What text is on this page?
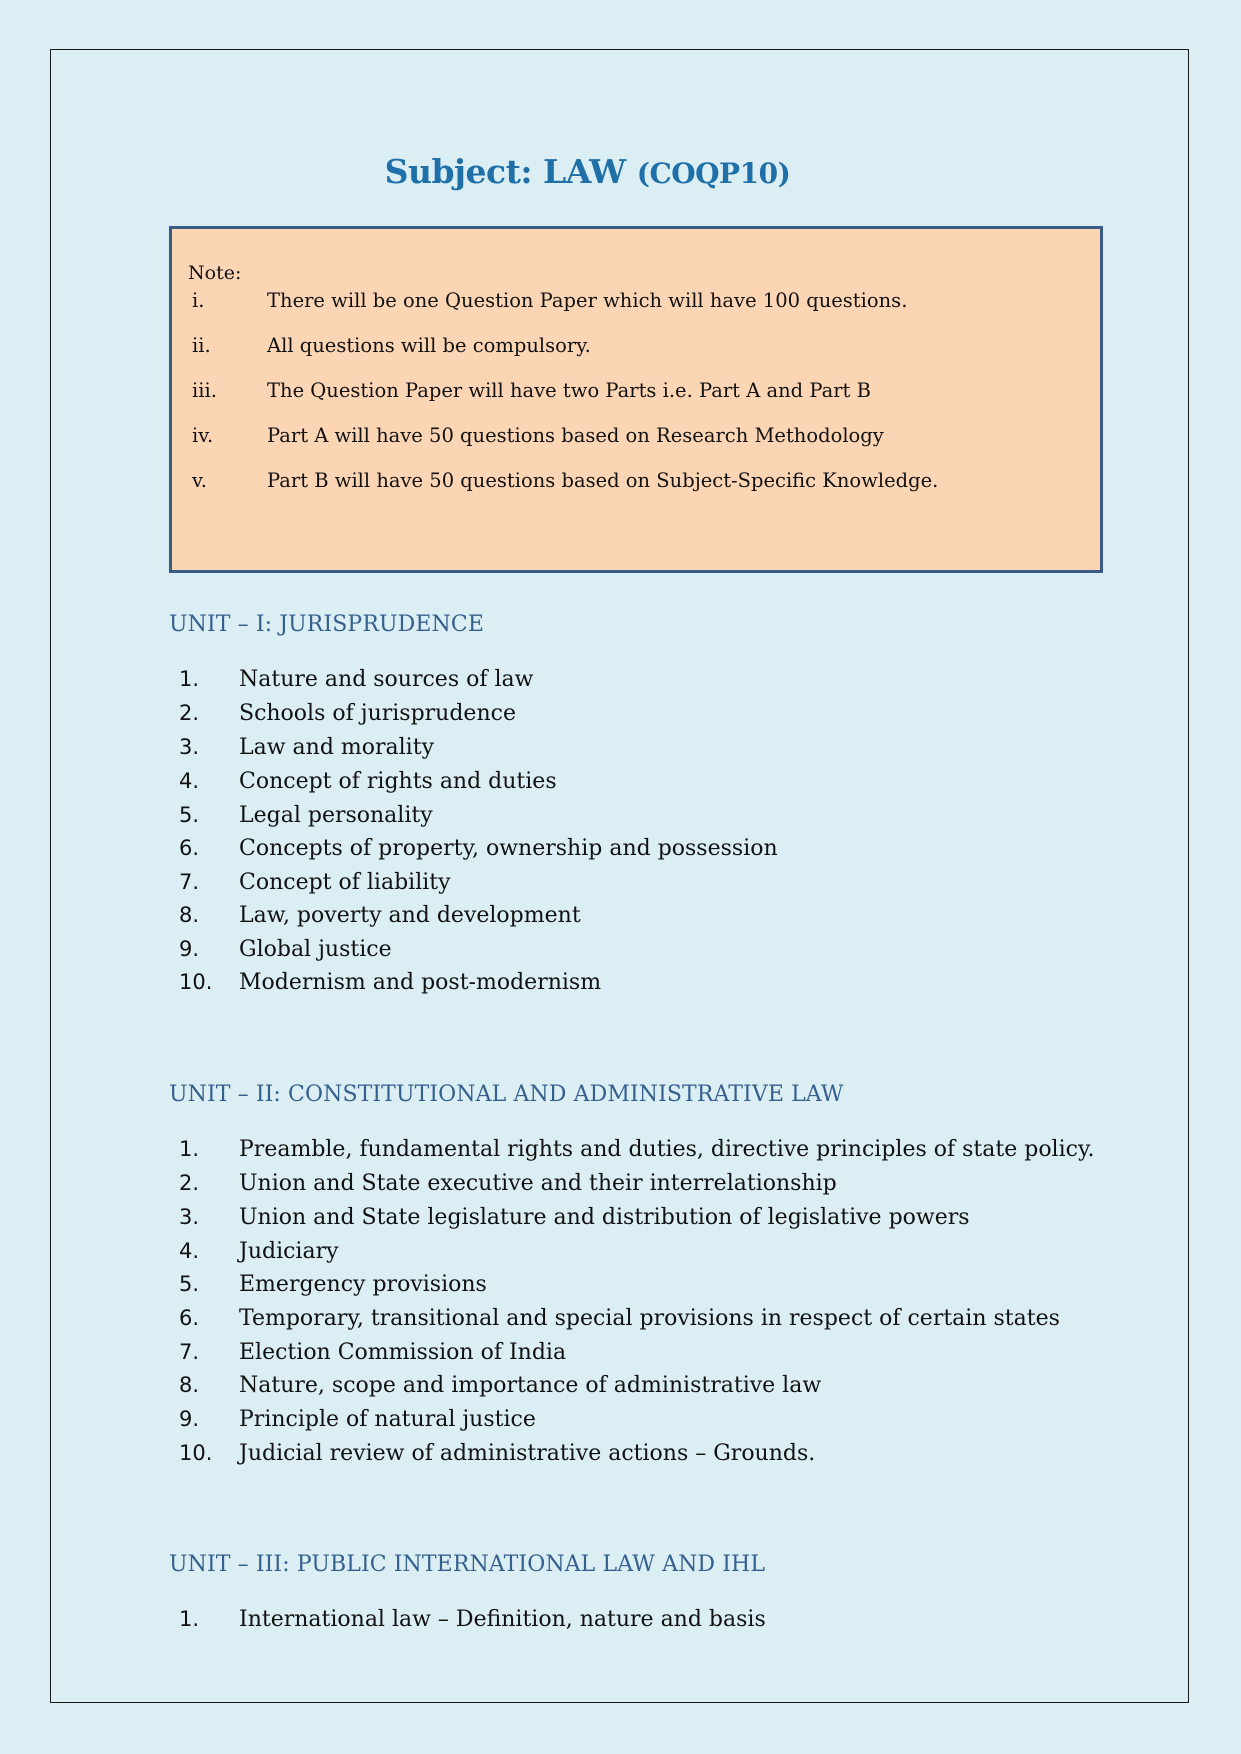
Subject: LAW (COQP10)
Note:
i.	There will be one Question Paper which will have 100 questions.
ii.	All questions will be compulsory.
iii.	The Question Paper will have two Parts i.e. Part A and Part B
iv.	Part A will have 50 questions based on Research Methodology
v.	Part B will have 50 questions based on Subject-Specific Knowledge.
UNIT – I: JURISPRUDENCE
1. Nature and sources of law
2. Schools of jurisprudence
3. Law and morality
4. Concept of rights and duties
5. Legal personality
6. Concepts of property, ownership and possession
7. Concept of liability
8. Law, poverty and development
9. Global justice
10. Modernism and post-modernism
UNIT – II: CONSTITUTIONAL AND ADMINISTRATIVE LAW
1. Preamble, fundamental rights and duties, directive principles of state policy.
2. Union and State executive and their interrelationship
3. Union and State legislature and distribution of legislative powers
4. Judiciary
5. Emergency provisions
6. Temporary, transitional and special provisions in respect of certain states
7. Election Commission of India
8. Nature, scope and importance of administrative law
9. Principle of natural justice
10. Judicial review of administrative actions – Grounds.
UNIT – III: PUBLIC INTERNATIONAL LAW AND IHL
1. International law – Definition, nature and basis
